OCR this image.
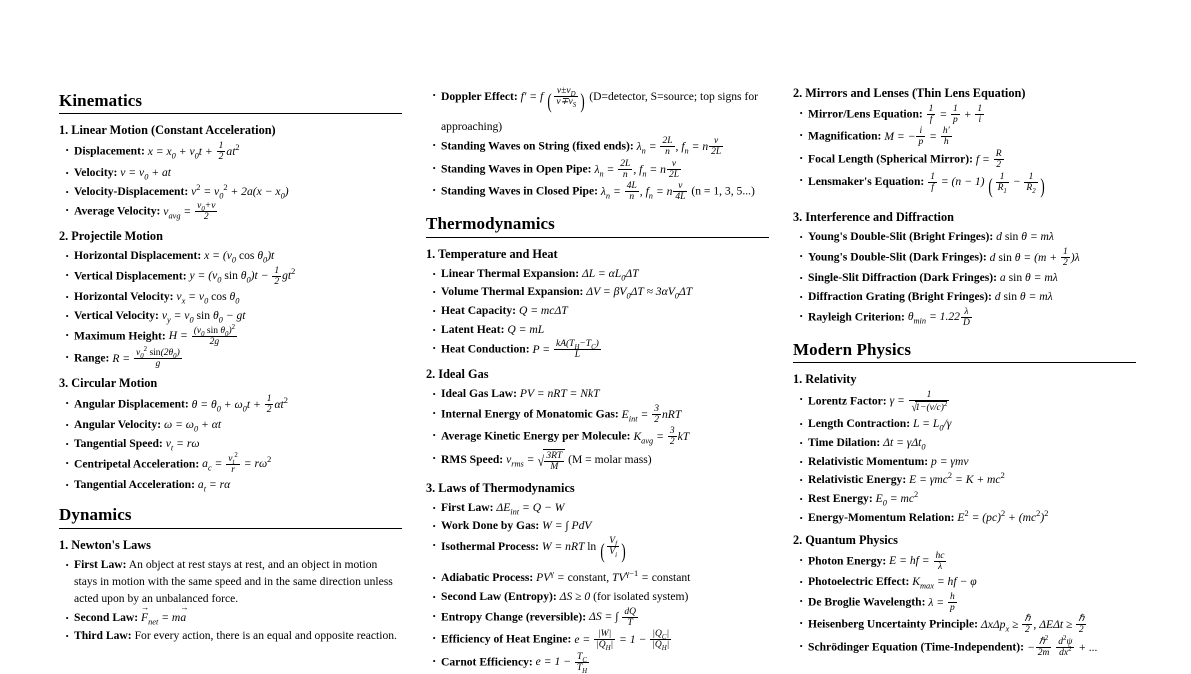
Kinematics
1. Linear Motion (Constant Acceleration)
· Displacement: $x = x_0 + v_0t + \frac{1}{2} at^2$
· Velocity: $v = v_0$ + at
· Velocity-Displacement: $v^2 = v_0^2 + 2a(x - x_0)$
· Average Velocity: $v_{avg} = \frac{v_0+v}{2}$
2. Projectile Motion
· Horizontal Displacement: $x = (v_0$ $\cos \theta_0)t$
· Vertical Displacement: $y = (v_0$ $\sin \theta_0)t - \frac{1}{2} gt^2$
· Horizontal Velocity: $v_x = v_0$ $\cos \theta_0$
· Vertical Velocity: $v_y = v_0$ $\sin \theta_0$ − gt
· Maximum Height: $H = \frac{(v_0 \sin \theta_0)^2}{2g}$
· Range: $R = \frac{v_0^2 \sin(2\theta_0)}{g}$
3. Circular Motion
· Angular Displacement: $\theta = \theta_0 + \omega_0t + \frac{1}{2} \alpha t^2$
· Angular Velocity: $\omega = \omega_0 + \alpha t$
· Tangential Speed: $v_t = r\omega$
· Centripetal Acceleration: $a_c = \frac{v_t^2}{r} = r\omega^2$
· Tangential Acceleration: $a_t = r\alpha$
Dynamics
1. Newton's Laws
· First Law: An object at rest stays at rest, and an object in motion stays in motion with the same speed and in the same direction unless acted upon by an unbalanced force.
· Second Law: $F \to_{net}$ = ma →
· Third Law: For every action, there is an equal and opposite reaction.
· Doppler Effect: f′ = f ( $\frac{v\pm v_D}{v\mp v_S}$ ) (D=detector, S=source; top signs for approaching)
· Standing Waves on String (fixed ends): $\lambda_n = \frac{2L}{n}$ , $f_n = n \frac{v}{2L}$
· Standing Waves in Open Pipe: $\lambda_n = \frac{2L}{n}$ , $f_n = n \frac{v}{2L}$
· Standing Waves in Closed Pipe: $\lambda_n = \frac{4L}{n}$ , $f_n = n \frac{v}{4L} (n = 1$, 3, 5...)
Thermodynamics
1. Temperature and Heat
· Linear Thermal Expansion: $\Delta L = \alpha L_0\Delta T$
· Volume Thermal Expansion: $\Delta V = \beta V_0\Delta T \approx 3\alpha V_0\Delta T$
· Heat Capacity: Q = mcΔT
· Latent Heat: Q = mL
· Heat Conduction: $P = \frac{kA(T_H-T_C)}{L}$
2. Ideal Gas
· Ideal Gas Law: PV = nRT = NkT
· Internal Energy of Monatomic Gas: $E_{int} = \frac{3}{2}$ nRT
· Average Kinetic Energy per Molecule: $K_{avg} = \frac{3}{2}$ kT
· RMS Speed: $v_{rms}$ = √ $\frac{3RT}{M} (M$ = molar mass)
3. Laws of Thermodynamics
· First Law: $\Delta E_{int} = Q - W$
· Work Done by Gas: W = ∫ PdV
· Isothermal Process: W = nRT ln ( $\frac{V_f}{V_i}$ )
· Adiabatic Process: $PV^\gamma$ = constant, $TV^{\gamma-1}$ = constant
· Second Law (Entropy): ΔS ≥ 0 (for isolated system)
· Entropy Change (reversible): ΔS = ∫ $\frac{dQ}{T}$
· Efficiency of Heat Engine: $e = \frac{|W|}{|Q_H|} = 1 - \frac{|Q_C|}{|Q_H|}$
· Carnot Efficiency: $e = 1 - \frac{T_C}{T_H}$
2. Mirrors and Lenses (Thin Lens Equation)
· Mirror/Lens Equation: $\frac{1}{f} = \frac{1}{p} + \frac{1}{i}$
· Magnification: M = − $\frac{i}{p} = \frac{h'}{h}$
· Focal Length (Spherical Mirror): $f = \frac{R}{2}$
· Lensmaker's Equation: $\frac{1}{f} = (n - 1)$ ( $\frac{1}{R_1} - \frac{1}{R_2}$ )
3. Interference and Diffraction
· Young's Double-Slit (Bright Fringes): d sin θ = mλ
· Young's Double-Slit (Dark Fringes): d $\sin \theta = (m + \frac{1}{2} )\lambda$
· Single-Slit Diffraction (Dark Fringes): a sin θ = mλ
· Diffraction Grating (Bright Fringes): d sin θ = mλ
· Rayleigh Criterion: $\theta_{min} = 1.22 \frac{\lambda}{D}$
Modern Physics
1. Relativity
· Lorentz Factor: $\gamma = \frac{1}{√1-(v/c)^2}$
· Length Contraction: $L = L_0/\gamma$
· Time Dilation: Δt = γΔt$_0$
· Relativistic Momentum: p = γmv
· Relativistic Energy: $E = \gamma mc^2 = K + mc^2$
· Rest Energy: $E_0 = mc^2$
· Energy-Momentum Relation: $E^2 = (pc)^2 + (mc^2)^2$
2. Quantum Physics
· Photon Energy: E = hf = $\frac{hc}{\lambda}$
· Photoelectric Effect: $K_{max}$ = hf − φ
· De Broglie Wavelength: $\lambda = \frac{h}{p}$
· Heisenberg Uncertainty Principle: $\Delta x\Delta p_x \ge \frac{\text{ℏ}}{2}$ , $\Delta E\Delta t \ge \frac{\text{ℏ}}{2}$
· Schrödinger Equation (Time-Independent): − $\frac{\hbar^2}{2m}$
$\frac{d^2\psi}{dx^2}$ + ...
